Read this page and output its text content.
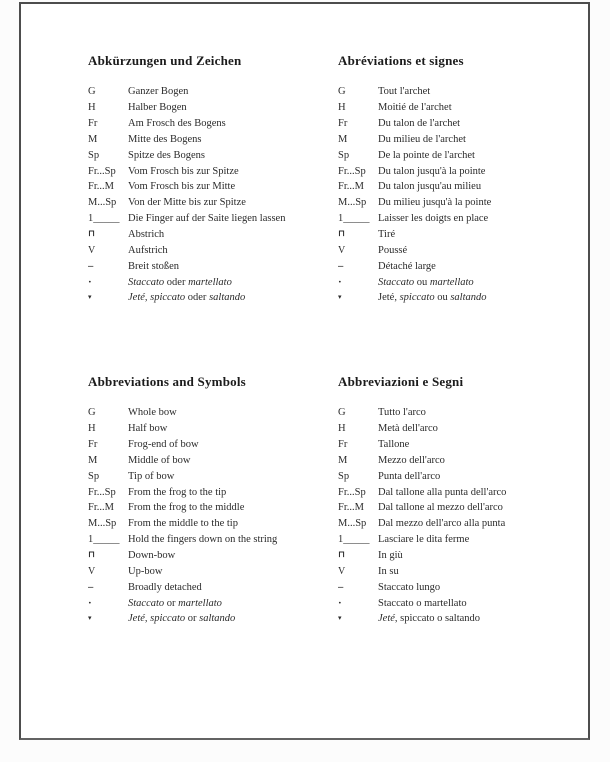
Abkürzungen und Zeichen
G	Ganzer Bogen
H	Halber Bogen
Fr	Am Frosch des Bogens
M	Mitte des Bogens
Sp	Spitze des Bogens
Fr...Sp	Vom Frosch bis zur Spitze
Fr...M	Vom Frosch bis zur Mitte
M...Sp	Von der Mitte bis zur Spitze
1_____ Die Finger auf der Saite liegen lassen
⊓	Abstrich
V	Aufstrich
–	Breit stoßen
·	Staccato oder martellato
▾	Jeté, spiccato oder saltando
Abréviations et signes
G	Tout l'archet
H	Moitié de l'archet
Fr	Du talon de l'archet
M	Du milieu de l'archet
Sp	De la pointe de l'archet
Fr...Sp	Du talon jusqu'à la pointe
Fr...M	Du talon jusqu'au milieu
M...Sp	Du milieu jusqu'à la pointe
1_____ Laisser les doigts en place
⊓	Tiré
V	Poussé
–	Détaché large
·	Staccato ou martellato
▾	Jeté, spiccato ou saltando
Abbreviations and Symbols
G	Whole bow
H	Half bow
Fr	Frog-end of bow
M	Middle of bow
Sp	Tip of bow
Fr...Sp	From the frog to the tip
Fr...M	From the frog to the middle
M...Sp	From the middle to the tip
1_____ Hold the fingers down on the string
⊓	Down-bow
V	Up-bow
–	Broadly detached
·	Staccato or martellato
▾	Jeté, spiccato or saltando
Abbreviazioni e Segni
G	Tutto l'arco
H	Metà dell'arco
Fr	Tallone
M	Mezzo dell'arco
Sp	Punta dell'arco
Fr...Sp	Dal tallone alla punta dell'arco
Fr...M	Dal tallone al mezzo dell'arco
M...Sp	Dal mezzo dell'arco alla punta
1_____ Lasciare le dita ferme
⊓	In giù
V	In su
–	Staccato lungo
·	Staccato o martellato
▾	Jeté, spiccato o saltando
